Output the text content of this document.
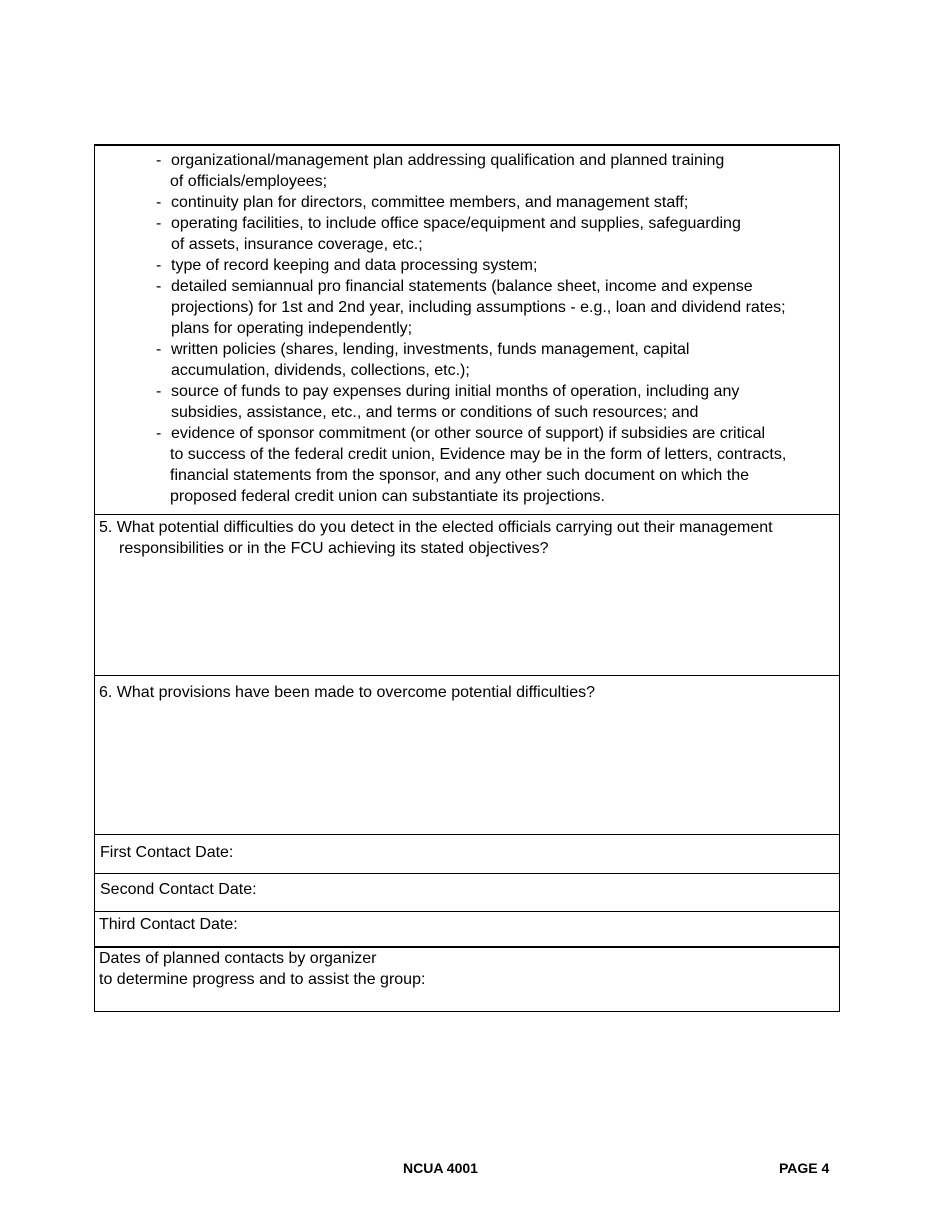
- organizational/management plan addressing qualification and planned training
of officials/employees;
- continuity plan for directors, committee members, and management staff;
- operating facilities, to include office space/equipment and supplies, safeguarding
of assets, insurance coverage, etc.;
- type of record keeping and data processing system;
- detailed semiannual pro financial statements (balance sheet, income and expense
projections) for 1st and 2nd year, including assumptions - e.g., loan and dividend rates;
plans for operating independently;
- written policies (shares, lending, investments, funds management, capital
accumulation, dividends, collections, etc.);
- source of funds to pay expenses during initial months of operation, including any
subsidies, assistance, etc., and terms or conditions of such resources; and
- evidence of sponsor commitment (or other source of support) if subsidies are critical
to success of the federal credit union, Evidence may be in the form of letters, contracts,
financial statements from the sponsor, and any other such document on which the
proposed federal credit union can substantiate its projections.
5. What potential difficulties do you detect in the elected officials carrying out their management responsibilities or in the FCU achieving its stated objectives?
6. What provisions have been made to overcome potential difficulties?
First Contact Date:
Second Contact Date:
Third Contact Date:
Dates of planned contacts by organizer
to determine progress and to assist the group:
NCUA 4001	PAGE 4
